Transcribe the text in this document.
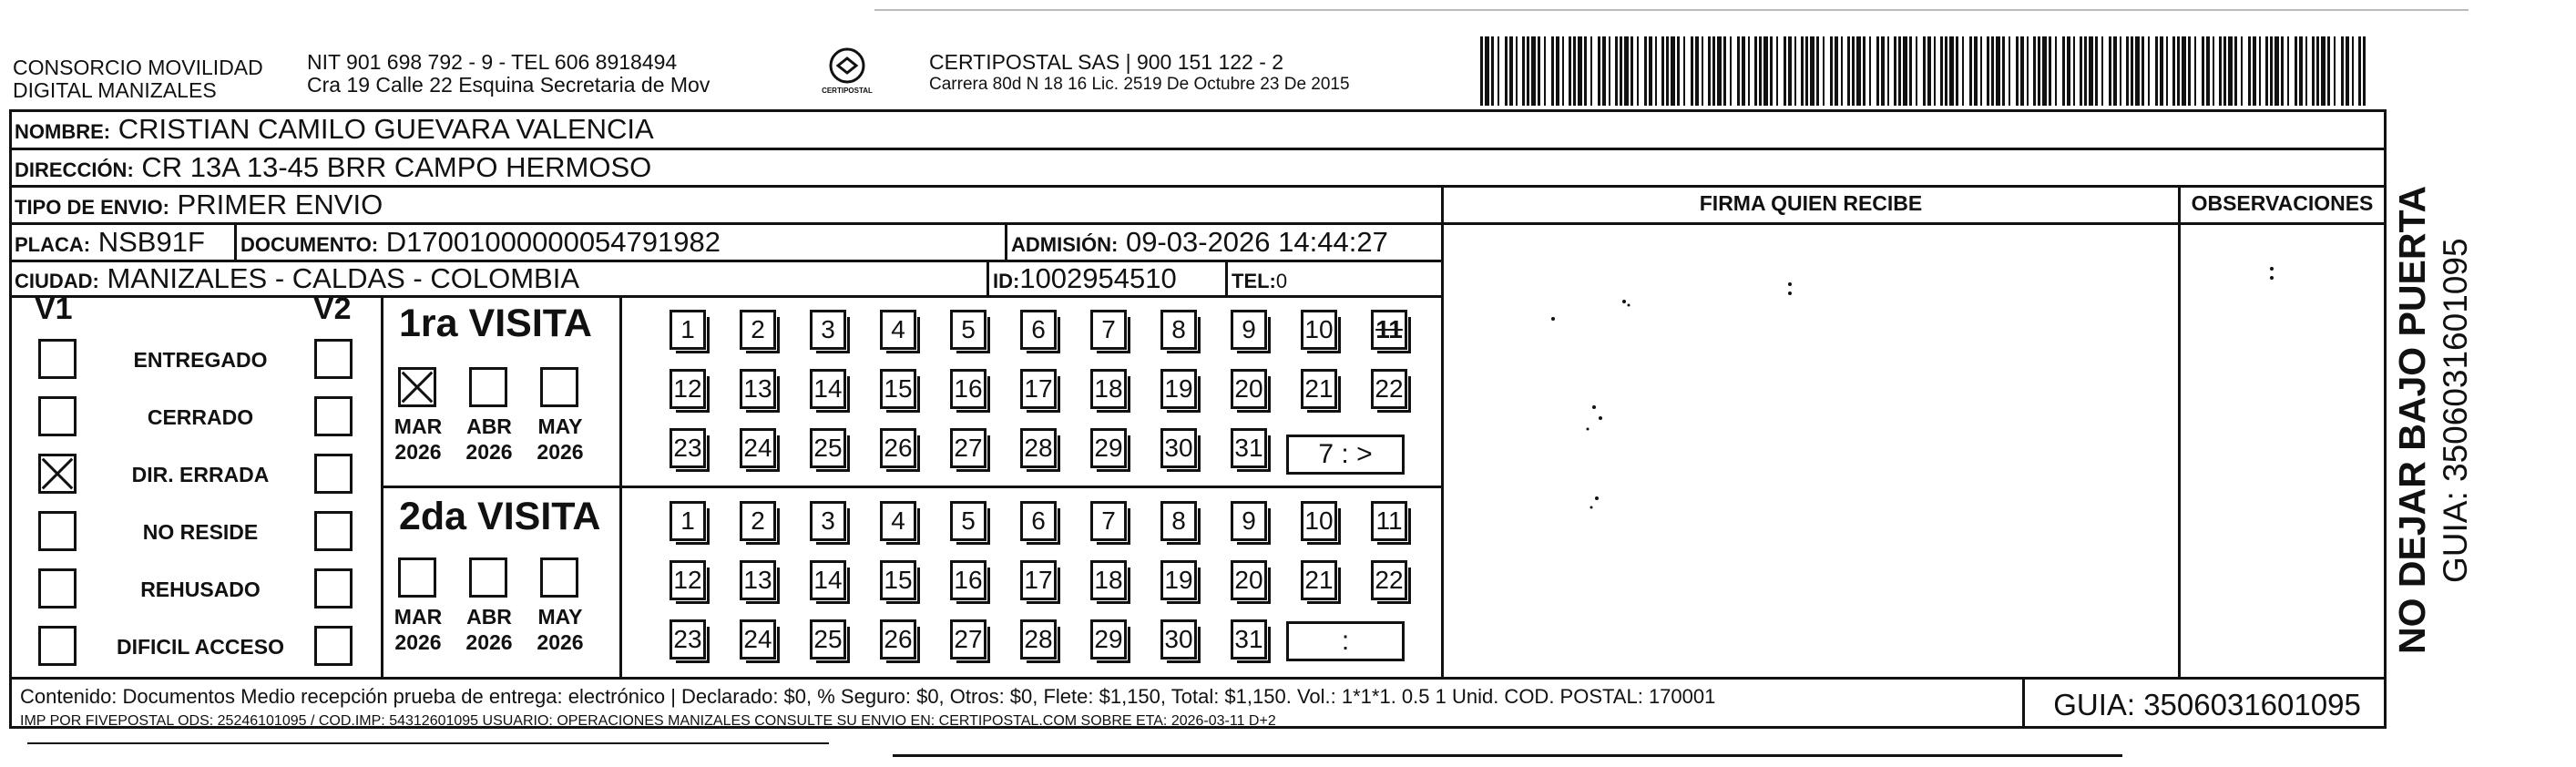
CONSORCIO MOVILIDAD
DIGITAL MANIZALES
NIT 901 698 792 - 9 - TEL 606 8918494
Cra 19 Calle 22 Esquina Secretaria de Mov	CERTIPOSTAL
CERTIPOSTAL SAS | 900 151 122 - 2
Carrera 80d N 18 16 Lic. 2519 De Octubre 23 De 2015
NOMBRE: CRISTIAN CAMILO GUEVARA VALENCIA
DIRECCIÓN: CR 13A 13-45 BRR CAMPO HERMOSO
TIPO DE ENVIO: PRIMER ENVIO
PLACA: NSB91F DOCUMENTO: D17001000000054791982	ADMISIÓN: 09-03-2026 14:44:27
CIUDAD: MANIZALES - CALDAS - COLOMBIA	ID:1002954510	TEL:0
FIRMA QUIEN RECIBE	OBSERVACIONES
V1	V2 1ra VISITA
2da VISITA
7 : >
:
Contenido: Documentos Medio recepción prueba de entrega: electrónico | Declarado: $0, % Seguro: $0, Otros: $0, Flete: $1,150, Total: $1,150. Vol.: 1*1*1. 0.5 1 Unid. COD. POSTAL: 170001
IMP POR FIVEPOSTAL ODS: 25246101095 / COD.IMP: 54312601095 USUARIO: OPERACIONES MANIZALES CONSULTE SU ENVIO EN: CERTIPOSTAL.COM SOBRE ETA: 2026-03-11 D+2	GUIA: 3506031601095
NO DEJAR BAJO PUERTA GUIA: 3506031601095
ENTREGADO
CERRADO
DIR. ERRADA
NO RESIDE
REHUSADO
DIFICIL ACCESO
MAR
2026
ABR
2026
MAY
2026
MAR
2026
ABR
2026
MAY
2026
1	2	3	4	5	6	7	8	9	10 11
12 13 14 15 16 17 18 19 20 21 22
23 24 25 26 27 28 29 30 31
1	2	3	4	5	6	7	8	9	10 11
12 13 14 15 16 17 18 19 20 21 22
23 24 25 26 27 28 29 30 31
